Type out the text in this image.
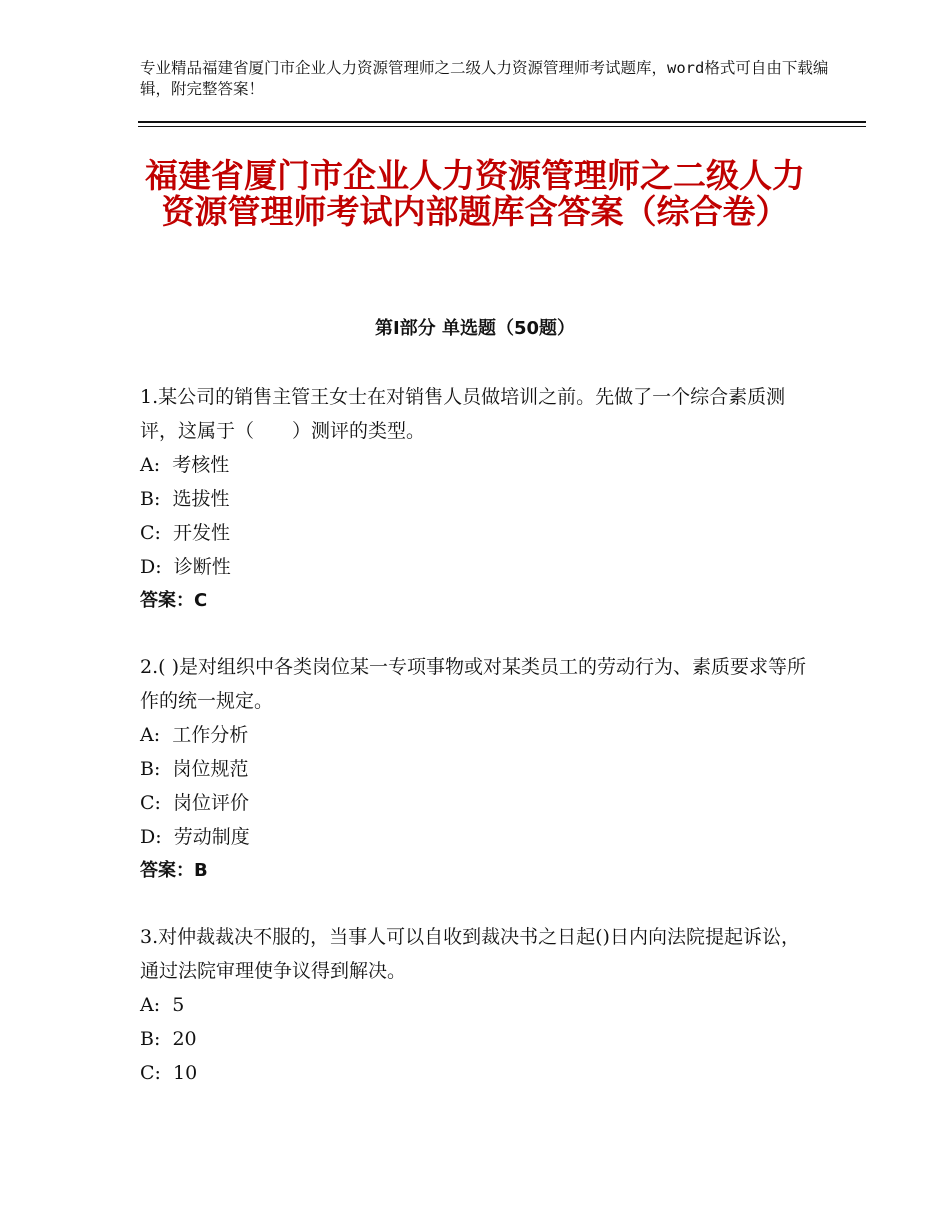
专业精品福建省厦门市企业人力资源管理师之二级人力资源管理师考试题库，word格式可自由下载编辑，附完整答案！
福建省厦门市企业人力资源管理师之二级人力资源管理师考试内部题库含答案（综合卷）
第Ⅰ部分 单选题（50题）

1.某公司的销售主管王女士在对销售人员做培训之前。先做了一个综合素质测评，这属于（　　）测评的类型。

A:  考核性

B:  选拔性

C:  开发性

D:  诊断性

答案：C

2.( )是对组织中各类岗位某一专项事物或对某类员工的劳动行为、素质要求等所作的统一规定。

A:  工作分析

B:  岗位规范

C:  岗位评价

D:  劳动制度

答案：B

3.对仲裁裁决不服的，当事人可以自收到裁决书之日起()日内向法院提起诉讼，通过法院审理使争议得到解决。

A:  5

B:  20

C:  10
